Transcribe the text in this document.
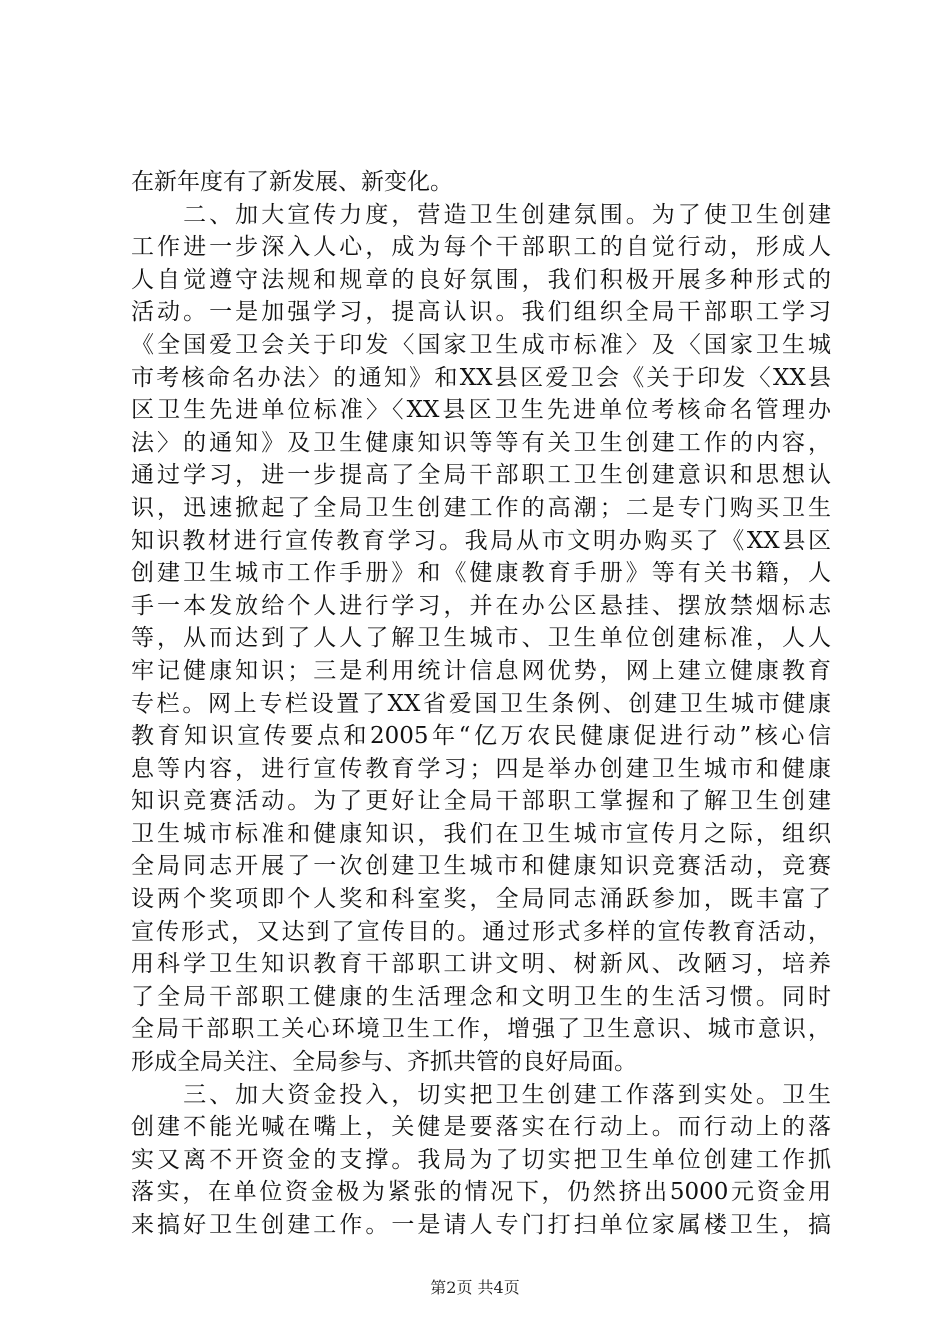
在新年度有了新发展、新变化。
　　二、加大宣传力度，营造卫生创建氛围。为了使卫生创建
工作进一步深入人心，成为每个干部职工的自觉行动，形成人
人自觉遵守法规和规章的良好氛围，我们积极开展多种形式的
活动。一是加强学习，提高认识。我们组织全局干部职工学习
《全国爱卫会关于印发〈国家卫生成市标准〉及〈国家卫生城
市考核命名办法〉的通知》和XX县区爱卫会《关于印发〈XX县
区卫生先进单位标准〉〈XX县区卫生先进单位考核命名管理办
法〉的通知》及卫生健康知识等等有关卫生创建工作的内容，
通过学习，进一步提高了全局干部职工卫生创建意识和思想认
识，迅速掀起了全局卫生创建工作的高潮；二是专门购买卫生
知识教材进行宣传教育学习。我局从市文明办购买了《XX县区
创建卫生城市工作手册》和《健康教育手册》等有关书籍，人
手一本发放给个人进行学习，并在办公区悬挂、摆放禁烟标志
等，从而达到了人人了解卫生城市、卫生单位创建标准，人人
牢记健康知识；三是利用统计信息网优势，网上建立健康教育
专栏。网上专栏设置了XX省爱国卫生条例、创建卫生城市健康
教育知识宣传要点和2005年“亿万农民健康促进行动”核心信
息等内容，进行宣传教育学习；四是举办创建卫生城市和健康
知识竞赛活动。为了更好让全局干部职工掌握和了解卫生创建
卫生城市标准和健康知识，我们在卫生城市宣传月之际，组织
全局同志开展了一次创建卫生城市和健康知识竞赛活动，竞赛
设两个奖项即个人奖和科室奖，全局同志涌跃参加，既丰富了
宣传形式，又达到了宣传目的。通过形式多样的宣传教育活动，
用科学卫生知识教育干部职工讲文明、树新风、改陋习，培养
了全局干部职工健康的生活理念和文明卫生的生活习惯。同时
全局干部职工关心环境卫生工作，增强了卫生意识、城市意识，
形成全局关注、全局参与、齐抓共管的良好局面。
　　三、加大资金投入，切实把卫生创建工作落到实处。卫生
创建不能光喊在嘴上，关健是要落实在行动上。而行动上的落
实又离不开资金的支撑。我局为了切实把卫生单位创建工作抓
落实，在单位资金极为紧张的情况下，仍然挤出5000元资金用
来搞好卫生创建工作。一是请人专门打扫单位家属楼卫生，搞
第2页 共4页
